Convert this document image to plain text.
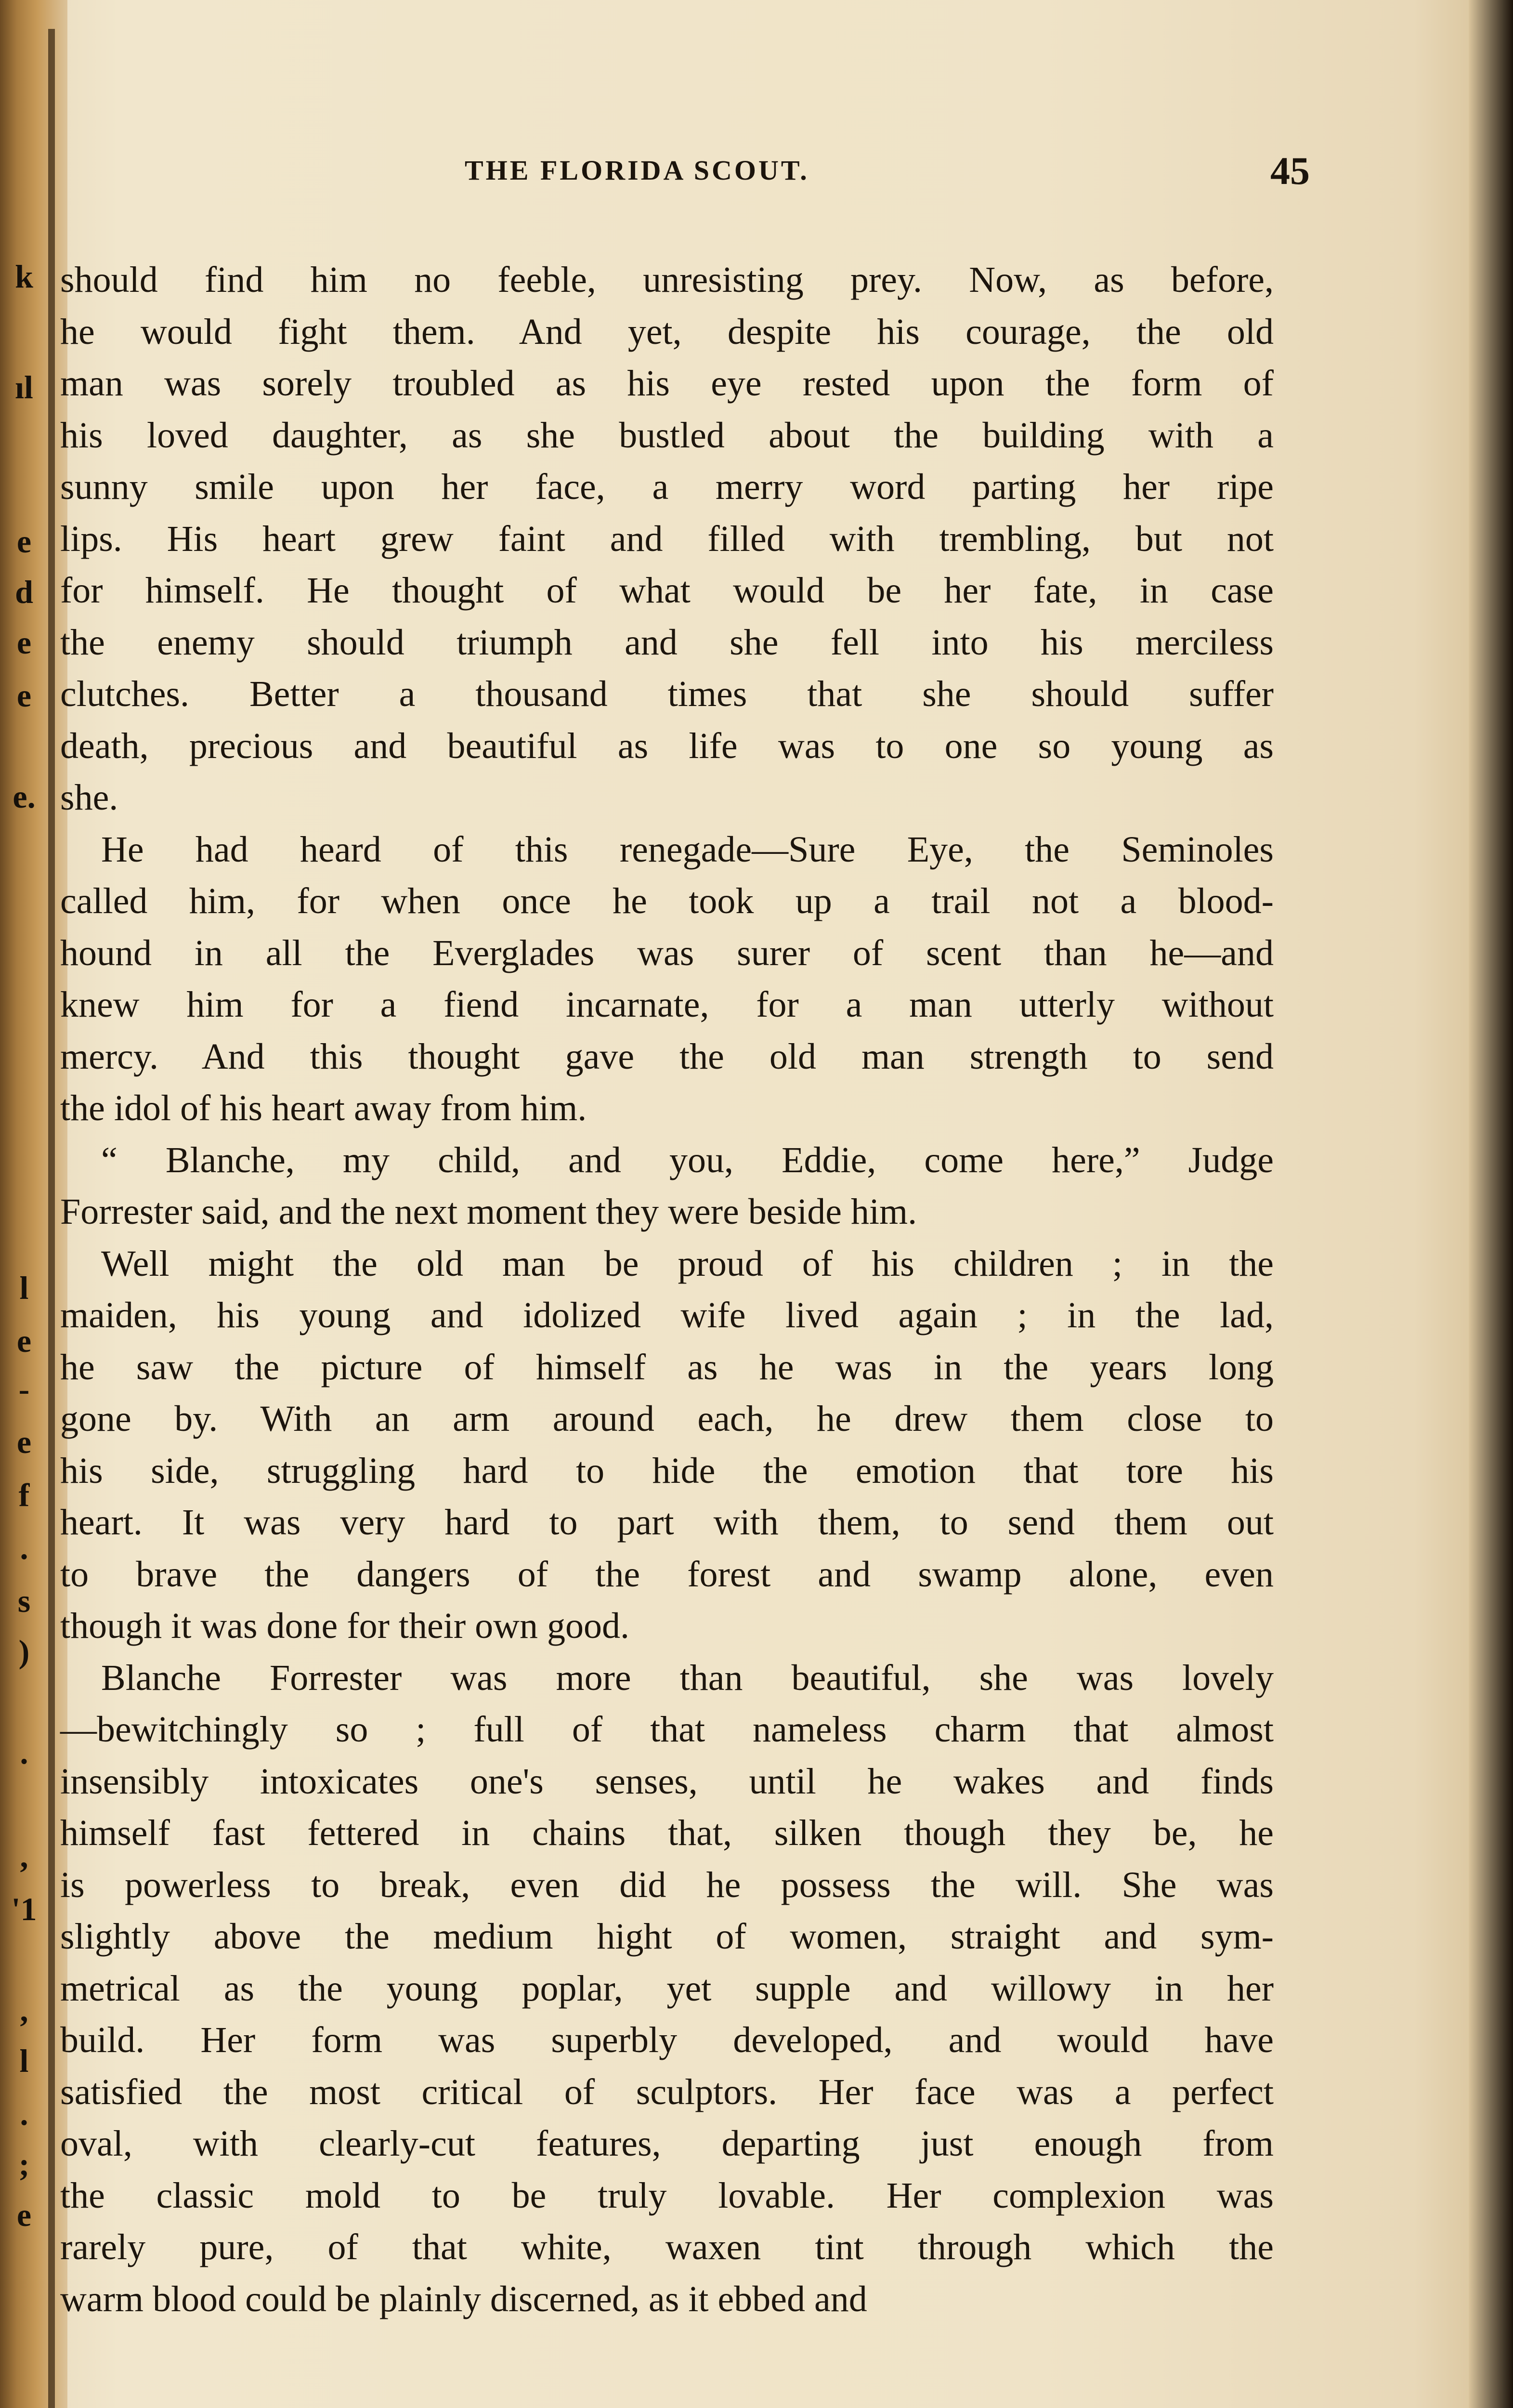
k
ıl
e
d
e
e
e.
l
e
-
e
f
.
s
)
.
,
'1
,
l
.
;
e
THE FLORIDA SCOUT.	45
should find him no feeble, unresisting prey. Now, as before,
he would fight them. And yet, despite his courage, the old
man was sorely troubled as his eye rested upon the form of
his loved daughter, as she bustled about the building with a
sunny smile upon her face, a merry word parting her ripe
lips. His heart grew faint and filled with trembling, but not
for himself. He thought of what would be her fate, in case
the enemy should triumph and she fell into his merciless
clutches. Better a thousand times that she should suffer
death, precious and beautiful as life was to one so young as
she.
He had heard of this renegade—Sure Eye, the Seminoles
called him, for when once he took up a trail not a blood-
hound in all the Everglades was surer of scent than he—and
knew him for a fiend incarnate, for a man utterly without
mercy. And this thought gave the old man strength to send
the idol of his heart away from him.
“ Blanche, my child, and you, Eddie, come here,” Judge
Forrester said, and the next moment they were beside him.
Well might the old man be proud of his children ; in the
maiden, his young and idolized wife lived again ; in the lad,
he saw the picture of himself as he was in the years long
gone by. With an arm around each, he drew them close to
his side, struggling hard to hide the emotion that tore his
heart. It was very hard to part with them, to send them out
to brave the dangers of the forest and swamp alone, even
though it was done for their own good.
Blanche Forrester was more than beautiful, she was lovely
—bewitchingly so ; full of that nameless charm that almost
insensibly intoxicates one's senses, until he wakes and finds
himself fast fettered in chains that, silken though they be, he
is powerless to break, even did he possess the will. She was
slightly above the medium hight of women, straight and sym-
metrical as the young poplar, yet supple and willowy in her
build. Her form was superbly developed, and would have
satisfied the most critical of sculptors. Her face was a perfect
oval, with clearly-cut features, departing just enough from
the classic mold to be truly lovable. Her complexion was
rarely pure, of that white, waxen tint through which the
warm blood could be plainly discerned, as it ebbed and
